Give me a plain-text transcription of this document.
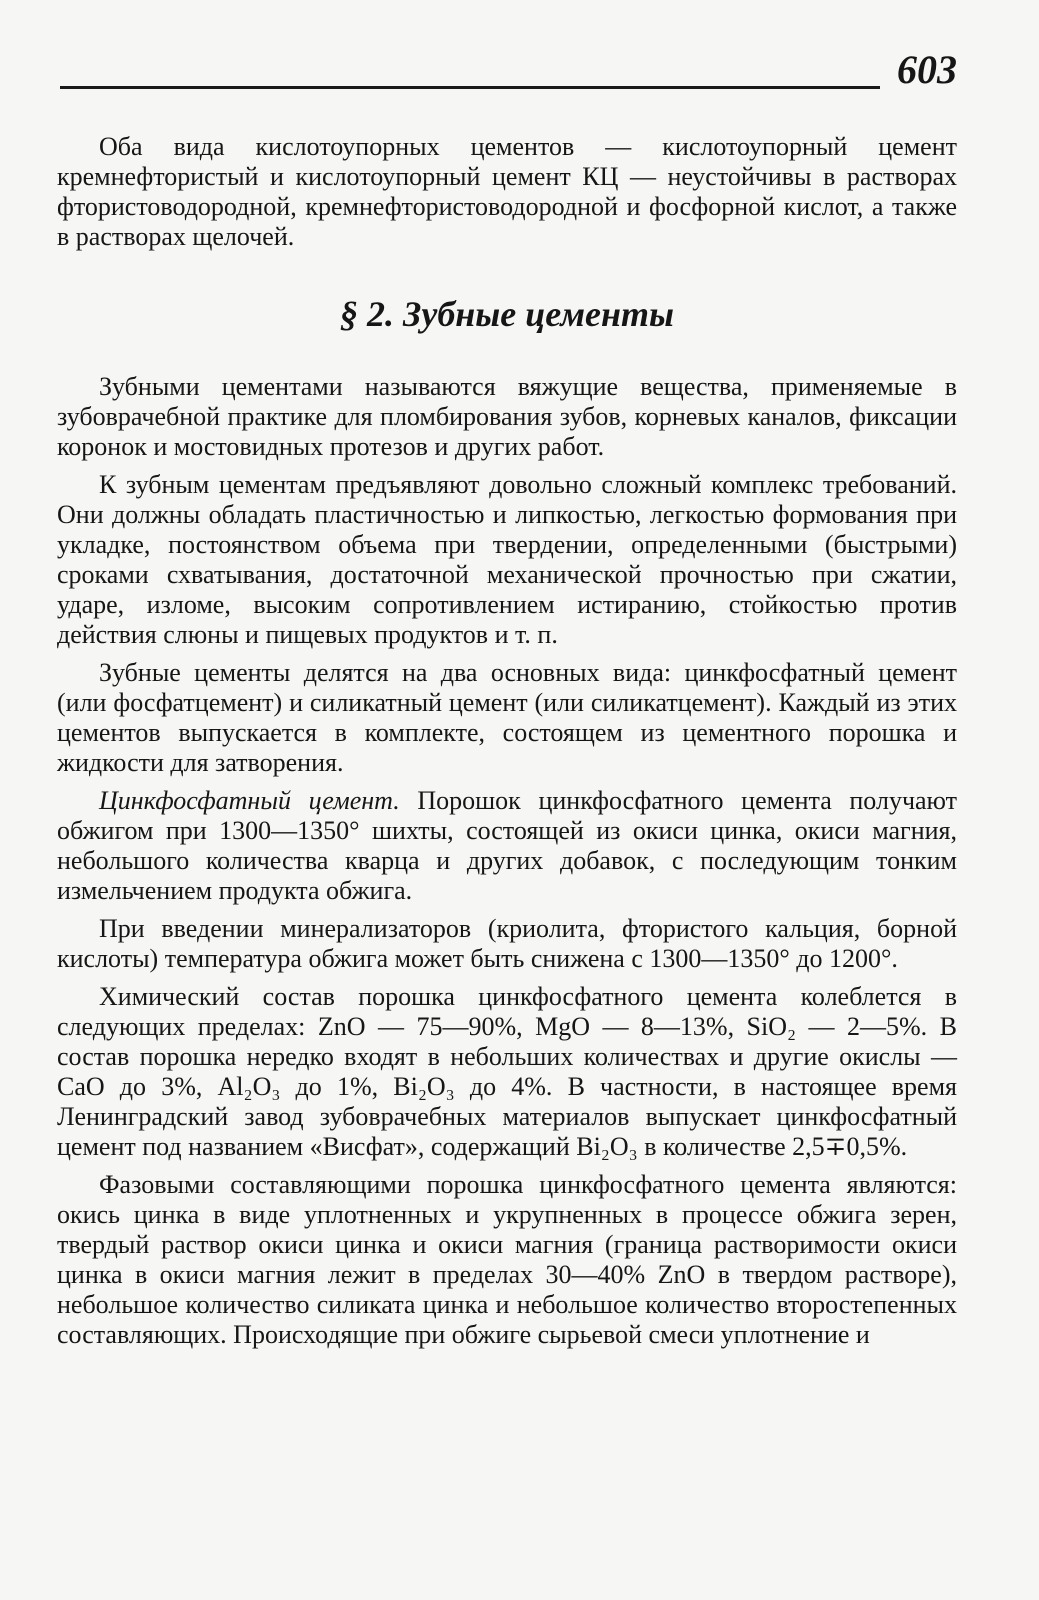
603

Оба вида кислотоупорных цементов — кислотоупорный цемент кремнефтористый и кислотоупорный цемент КЦ — неустойчивы в растворах фтористоводородной, кремнефтористоводородной и фосфорной кислот, а также в растворах щелочей.

§ 2. Зубные цементы

Зубными цементами называются вяжущие вещества, применяемые в зубоврачебной практике для пломбирования зубов, корневых каналов, фиксации коронок и мостовидных протезов и других работ.

К зубным цементам предъявляют довольно сложный комплекс требований. Они должны обладать пластичностью и липкостью, легкостью формования при укладке, постоянством объема при твердении, определенными (быстрыми) сроками схватывания, достаточной механической прочностью при сжатии, ударе, изломе, высоким сопротивлением истиранию, стойкостью против действия слюны и пищевых продуктов и т. п.

Зубные цементы делятся на два основных вида: цинкфосфатный цемент (или фосфатцемент) и силикатный цемент (или силикатцемент). Каждый из этих цементов выпускается в комплекте, состоящем из цементного порошка и жидкости для затворения.

Цинкфосфатный цемент. Порошок цинкфосфатного цемента получают обжигом при 1300—1350° шихты, состоящей из окиси цинка, окиси магния, небольшого количества кварца и других добавок, с последующим тонким измельчением продукта обжига.

При введении минерализаторов (криолита, фтористого кальция, борной кислоты) температура обжига может быть снижена с 1300—1350° до 1200°.

Химический состав порошка цинкфосфатного цемента колеблется в следующих пределах: ZnO — 75—90%, MgO — 8—13%, SiO₂ — 2—5%. В состав порошка нередко входят в небольших количествах и другие окислы — CaO до 3%, Al₂O₃ до 1%, Bi₂O₃ до 4%. В частности, в настоящее время Ленинградский завод зубоврачебных материалов выпускает цинкфосфатный цемент под названием «Висфат», содержащий Bi₂O₃ в количестве 2,5∓0,5%.

Фазовыми составляющими порошка цинкфосфатного цемента являются: окись цинка в виде уплотненных и укрупненных в процессе обжига зерен, твердый раствор окиси цинка и окиси магния (граница растворимости окиси цинка в окиси магния лежит в пределах 30—40% ZnO в твердом растворе), небольшое количество силиката цинка и небольшое количество второстепенных составляющих. Происходящие при обжиге сырьевой смеси уплотнение и
